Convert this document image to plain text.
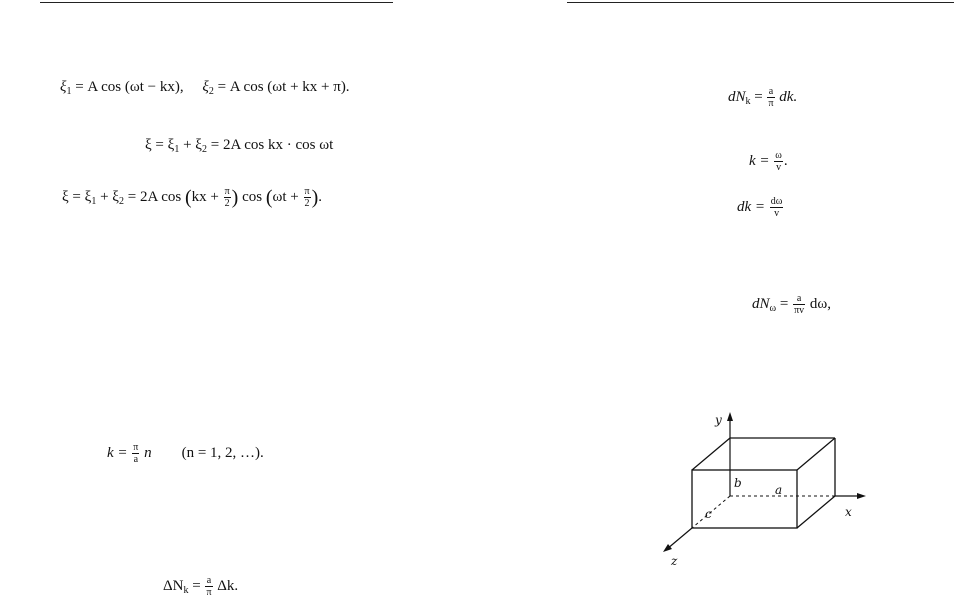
$\xi_1 = A$ cos (ωt − kx), $\xi_2 = A$ cos (ωt + kx + π).
$\xi = \xi_1 + \xi_2 = 2A$ cos kx · cos ωt
$\xi = \xi_1 + \xi_2 = 2A$ $\cos (kx + \frac{\pi}{2}$ ) $\cos (\omega t + \frac{\pi}{2}$ ).
$k = \frac{\pi}{a}$ n (n = 1, 2, …).
$\Delta N_k = \frac{a}{\pi} \Delta k$.
$dN_k = \frac{a}{\pi}$ dk.
$k = \frac{\omega}{v}$ .
dk = $\frac{d\omega}{v}$
$dN_\omega = \frac{a}{\pi v} d\omega$,
y
x
z
a
b
c
